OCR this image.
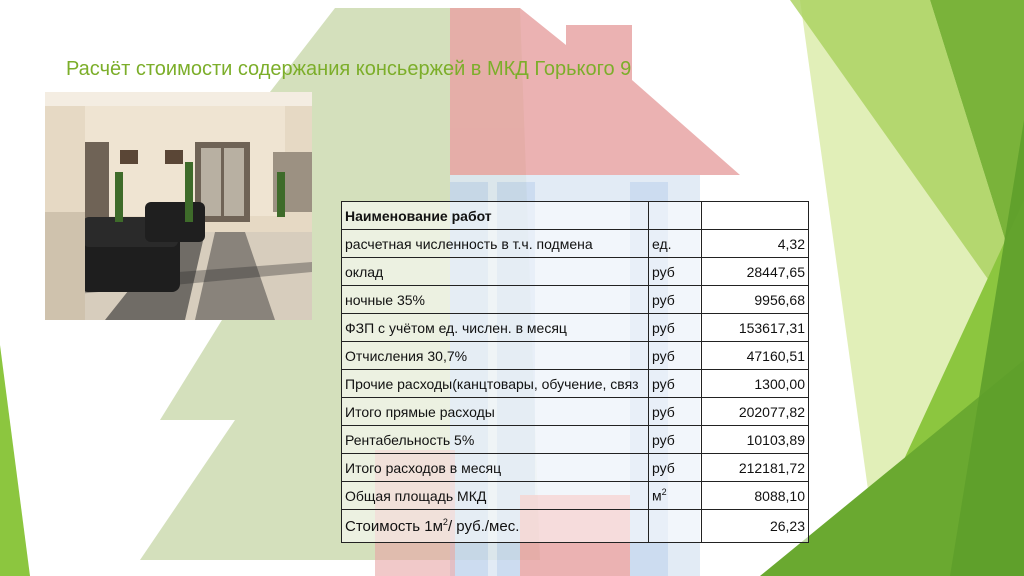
Расчёт стоимости содержания консьержей в МКД Горького 9
Наименование работ		
расчетная численность в т.ч. подмена	ед.	4,32
оклад	руб	28447,65
ночные 35%	руб	9956,68
ФЗП с учётом ед. числен. в месяц	руб	153617,31
Отчисления 30,7%	руб	47160,51
Прочие расходы(канцтовары, обучение, связ	руб	1300,00
Итого прямые расходы	руб	202077,82
Рентабельность 5%	руб	10103,89
Итого расходов в месяц	руб	212181,72
Общая площадь МКД	$м^2$	8088,10
Стоимость $1м^2/$ руб./мес.		26,23
